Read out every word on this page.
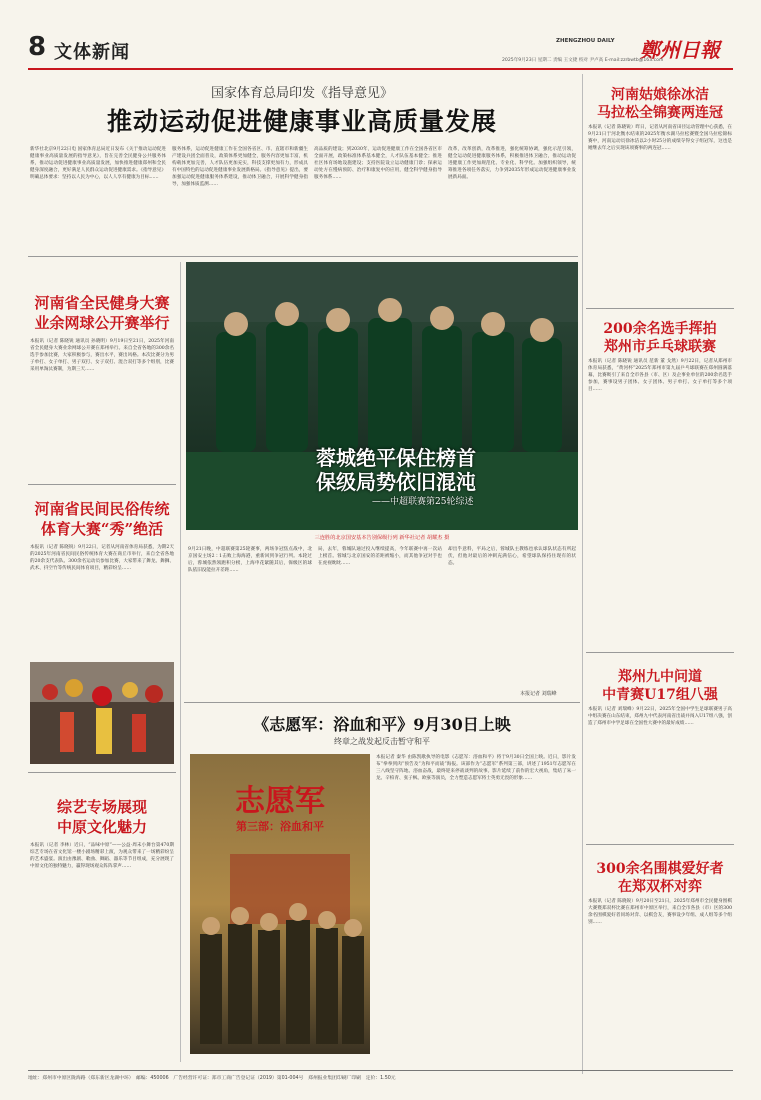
8 文体新闻
ZHENGZHOU DAILY 鄭州日報
2025年9月23日 星期二 责编 王文捷 校对 尹卢高 E-mail:zzrbwtb@163.com
国家体育总局印发《指导意见》
推动运动促进健康事业高质量发展
新华社北京9月22日电 国家体育总局近日发布《关于推动运动促进健康事业高质量发展的指导意见》，旨在完善全民健身公共服务体系，推动运动促进健康事业高质量发展，加快推进健康郑州和全民健身深度融合，更好满足人民群众运动促进健康需求。《指导意见》明确总体要求：坚持以人民为中心，以人人享有健康为目标……
服务体系，运动促进健康工作在全国各省区、市、直辖市和新疆生产建设兵团全面普及，政策体系更加健全，服务内容更加丰富，机构载体更加完善，人才队伍更加充实，科技支撑更加有力，形成具有中国特色的运动促进健康事业发展新格局。《指导意见》提出，要加强运动促进健康服务体系建设，推动体卫融合，开展科学健身指导，加强体质监测……
高品质的建设；到2030年，运动促进健康工作在全国各省区市全面开展，政策标准体系基本健全，人才队伍基本健全；推进社区体育场地设施建设；支持医院设立运动健康门诊；探索运动处方在慢病预防、治疗和康复中的应用，健全科学健身指导服务体系……
改革，改革创新，改革推进，强化统筹协调，强化示范引领，健全运动促进健康服务体系，积极推进体卫融合，推动运动促进健康工作更加规范化、专业化、科学化。加强组织领导，统筹推进各项任务落实，力争到2035年形成运动促进健康事业发展新局面。
河南省全民健身大赛
业余网球公开赛举行
本报讯（记者 陈晓锐 通讯员 孙晓明）9月19日至21日，2025年河南省全民健身大赛业余网球公开赛在郑州举行。来自全省各地的300余名选手参加比赛，大家积极参与，赛出水平，赛出风格。本次比赛分为男子单打、女子单打、男子双打、女子双打、混合双打等多个组别，比赛采用单淘汰赛制，为期三天……
河南省民间民俗传统
体育大赛“秀”绝活
本报讯（记者 陈晓锐）9月22日，记者从河南省体育局获悉，为期2天的2025年河南省民间民俗传统体育大赛在商丘市举行，来自全省各地的20余支代表队、300余名运动员参加比赛，大家带来了舞龙、舞狮、武术、抖空竹等传统民间体育项目，精彩纷呈……
综艺专场展现
中原文化魅力
本报讯（记者 李林）近日，“品味中原”——公益·周末小舞台第470期综艺专场在省文化馆一楼小剧场精彩上演，为观众带来了一场精彩纷呈的艺术盛宴。演出由豫剧、歌曲、舞蹈、器乐等节目组成，充分展现了中原文化的独特魅力，赢得现场观众阵阵掌声……
蓉城绝平保住榜首
保级局势依旧混沌
——中超联赛第25轮综述
三连胜的北京国安基本告别保级行列 新华社记者 胡耀杰 摄
9月21日晚，中超联赛第25轮赛事，两场争冠焦点战中，北京国安主场2∶1击败上海海港，重新回到争冠行列。本轮过后，蓉城依然领跑积分榜，上海申花紧随其后，保级区的球队依旧没能拉开差距……
局，去年，蓉城队通过投入继续提高，今年联赛中再一次站上榜首。蓉城与北京国安的差距被缩小，而其他争冠对手也在虎视眈眈……
却出乎意料，平局之后，蓉城队主教练也承认球队状态有所起伏，但他对最后的冲刺充满信心，希望球队保持住现有的状态。
本报记者 刘瑞峰
《志愿军：浴血和平》9月30日上映
终章之战发起反击暂守和平
志愿军
第三部：浴血和平
本报记者 秦华 由陈凯歌执导的电影《志愿军：浴血和平》将于9月30日全国上映。近日，影片发布“拳拳到肉”预告及“为和平而战”海报。该部作为“志愿军”系列第三部，讲述了1951年志愿军在三八线坚守阵地、浴血奋战，最终迎来停战谈判的故事。影片延续了前作的宏大视角，集结了朱一龙、辛柏青、张子枫、欧豪等演员，全力塑造志愿军将士英勇无畏的形象……
河南姑娘徐冰洁
马拉松全锦赛两连冠
本报讯（记者 陈晓锐）昨日，记者从河南省田径运动管理中心获悉，在9月21日于河北衡水结束的2025年衡水湖马拉松赛暨全国马拉松锦标赛中，河南运动员徐冰洁以2小时25分的成绩夺得女子组冠军，这也是她继去年之后实现该项赛事的两连冠……
200余名选手挥拍
郑州市乒乓球联赛
本报讯（记者 陈晓锐 通讯员 范新 董 戈然）9月22日，记者从郑州市体育局获悉，“黄河杯”2025年郑州市第九届乒乓球联赛在郑州圆满落幕，比赛吸引了来自全市各县（市、区）及企事业单位的200余名选手参加，赛事设男子团体、女子团体、男子单打、女子单打等多个项目……
郑州九中问道
中青赛U17组八强
本报讯（记者 刘瑞峰）9月22日，2025年全国中学生足球联赛男子高中组决赛在山东结束，郑州九中代表河南省出战并闯入U17组八强，创造了郑州市中学足球在全国性大赛中的最好成绩……
300余名围棋爱好者
在郑双杯对弈
本报讯（记者 陈晓锐）9月20日至21日，2025年郑州市全民健身围棋大赛暨郑双杯比赛在郑州市中原区举行，来自全市各县（市）区的300余名围棋爱好者同场对弈、以棋会友，赛事设少年组、成人组等多个组别……
地址：郑州市中原区陇海路（郑东新区龙湖中环）　邮编：450006　广告经营许可证：郑市工商广告登记证（2019）第01-004号　郑州报业集团印刷厂印刷　定价：1.50元
